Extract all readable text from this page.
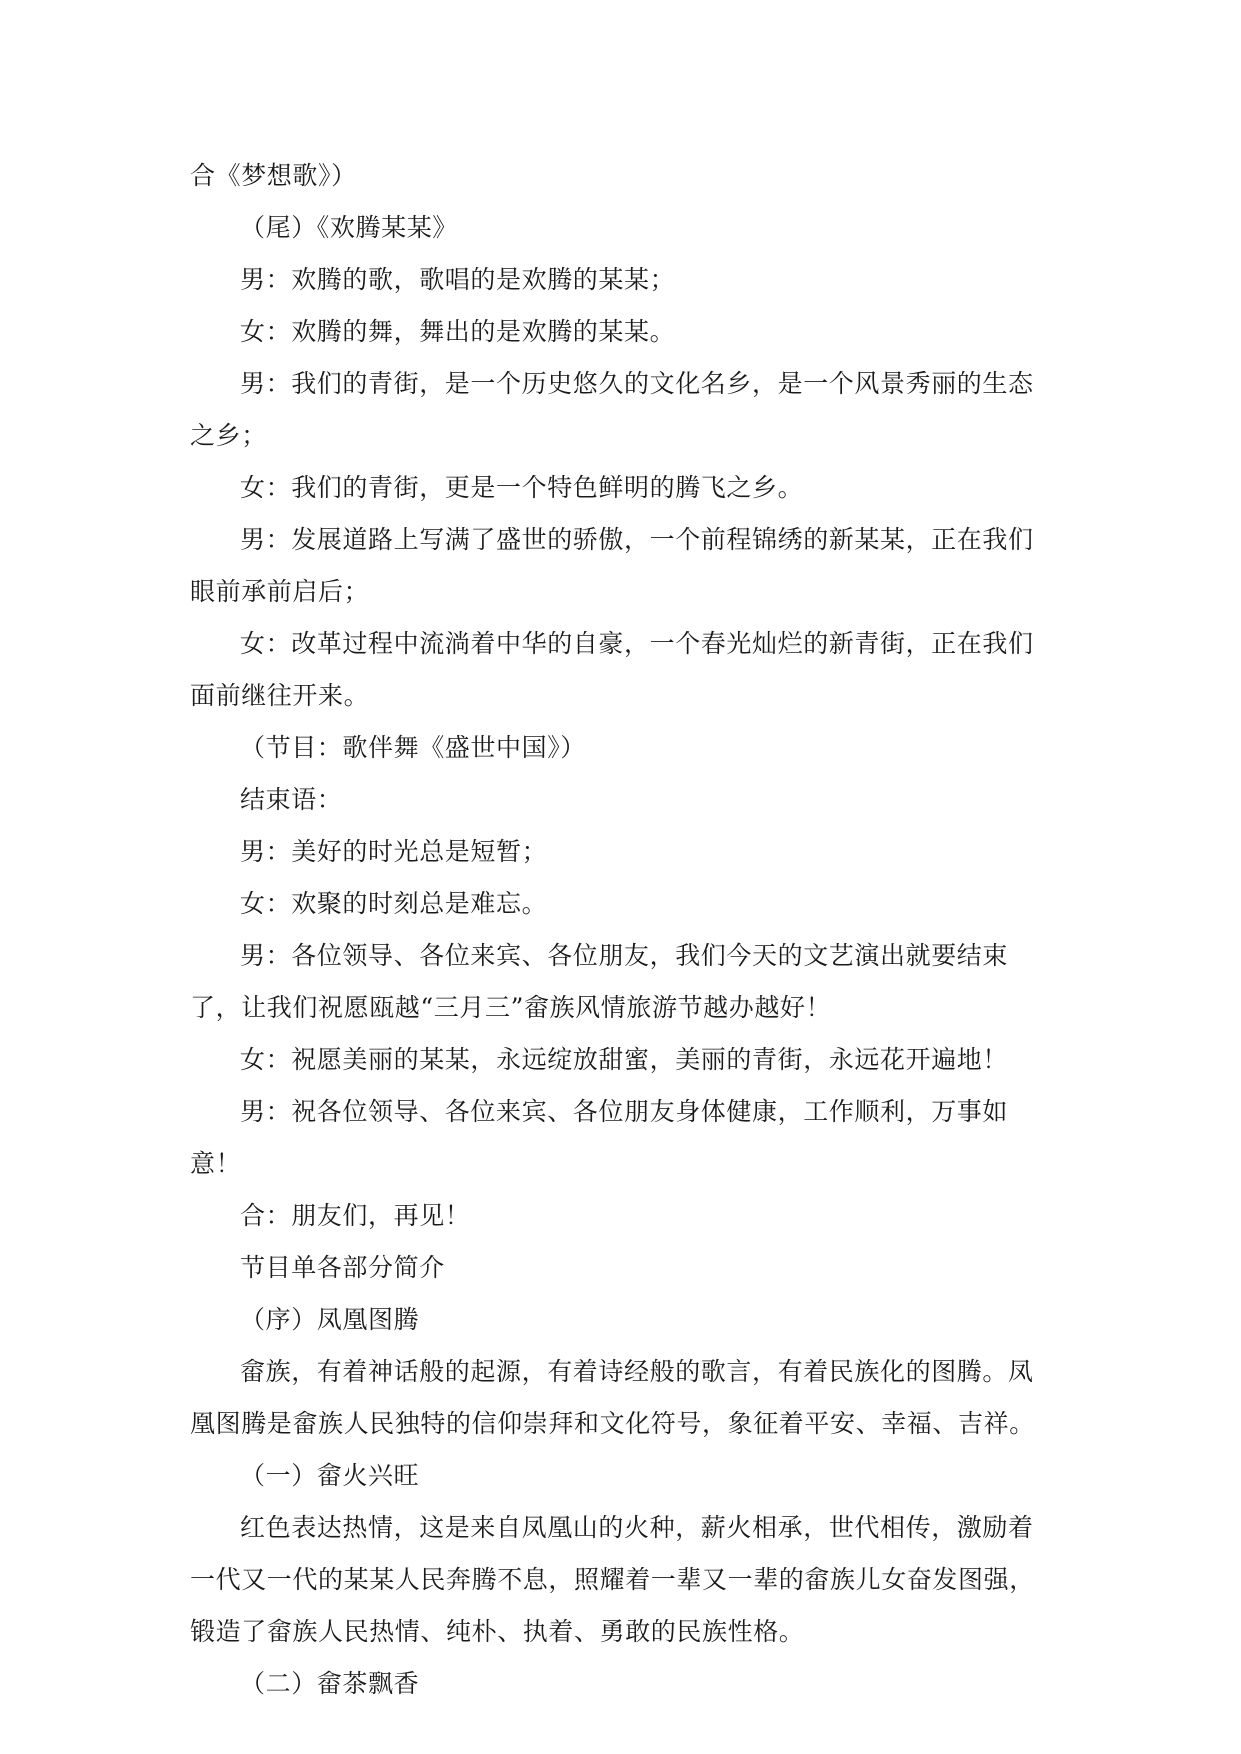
合《梦想歌》）

（尾）《欢腾某某》

男：欢腾的歌，歌唱的是欢腾的某某；

女：欢腾的舞，舞出的是欢腾的某某。

男：我们的青街，是一个历史悠久的文化名乡，是一个风景秀丽的生态之乡；

女：我们的青街，更是一个特色鲜明的腾飞之乡。

男：发展道路上写满了盛世的骄傲，一个前程锦绣的新某某，正在我们眼前承前启后；

女：改革过程中流淌着中华的自豪，一个春光灿烂的新青街，正在我们面前继往开来。

（节目：歌伴舞《盛世中国》）

结束语：

男：美好的时光总是短暂；

女：欢聚的时刻总是难忘。

男：各位领导、各位来宾、各位朋友，我们今天的文艺演出就要结束了，让我们祝愿瓯越“三月三”畲族风情旅游节越办越好！

女：祝愿美丽的某某，永远绽放甜蜜，美丽的青街，永远花开遍地！

男：祝各位领导、各位来宾、各位朋友身体健康，工作顺利，万事如意！

合：朋友们，再见！

节目单各部分简介

（序）凤凰图腾

畲族，有着神话般的起源，有着诗经般的歌言，有着民族化的图腾。凤凰图腾是畲族人民独特的信仰崇拜和文化符号，象征着平安、幸福、吉祥。

（一）畲火兴旺

红色表达热情，这是来自凤凰山的火种，薪火相承，世代相传，激励着一代又一代的某某人民奔腾不息，照耀着一辈又一辈的畲族儿女奋发图强，锻造了畲族人民热情、纯朴、执着、勇敢的民族性格。

（二）畲茶飘香
